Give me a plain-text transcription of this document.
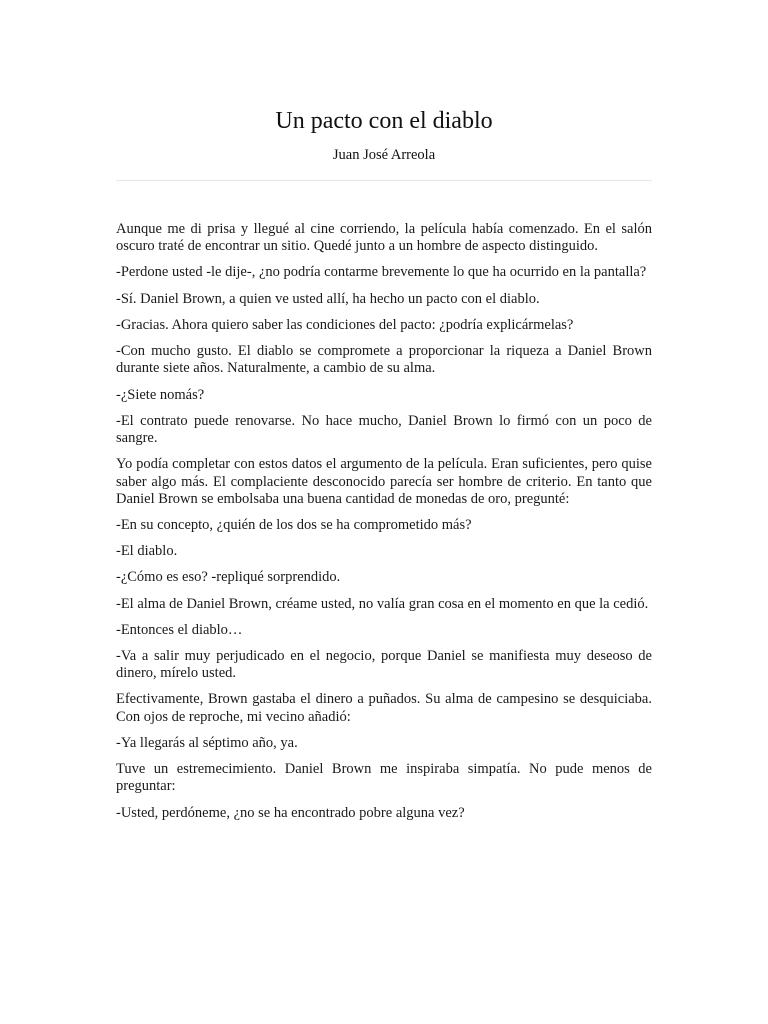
Un pacto con el diablo
Juan José Arreola

Aunque me di prisa y llegué al cine corriendo, la película había comenzado. En el salón oscuro traté de encontrar un sitio. Quedé junto a un hombre de aspecto distinguido.

-Perdone usted -le dije-, ¿no podría contarme brevemente lo que ha ocurrido en la pantalla?

-Sí. Daniel Brown, a quien ve usted allí, ha hecho un pacto con el diablo.

-Gracias. Ahora quiero saber las condiciones del pacto: ¿podría explicármelas?

-Con mucho gusto. El diablo se compromete a proporcionar la riqueza a Daniel Brown durante siete años. Naturalmente, a cambio de su alma.

-¿Siete nomás?

-El contrato puede renovarse. No hace mucho, Daniel Brown lo firmó con un poco de sangre.

Yo podía completar con estos datos el argumento de la película. Eran suficientes, pero quise saber algo más. El complaciente desconocido parecía ser hombre de criterio. En tanto que Daniel Brown se embolsaba una buena cantidad de monedas de oro, pregunté:

-En su concepto, ¿quién de los dos se ha comprometido más?

-El diablo.

-¿Cómo es eso? -repliqué sorprendido.

-El alma de Daniel Brown, créame usted, no valía gran cosa en el momento en que la cedió.

-Entonces el diablo…

-Va a salir muy perjudicado en el negocio, porque Daniel se manifiesta muy deseoso de dinero, mírelo usted.

Efectivamente, Brown gastaba el dinero a puñados. Su alma de campesino se desquiciaba. Con ojos de reproche, mi vecino añadió:

-Ya llegarás al séptimo año, ya.

Tuve un estremecimiento. Daniel Brown me inspiraba simpatía. No pude menos de preguntar:

-Usted, perdóneme, ¿no se ha encontrado pobre alguna vez?
